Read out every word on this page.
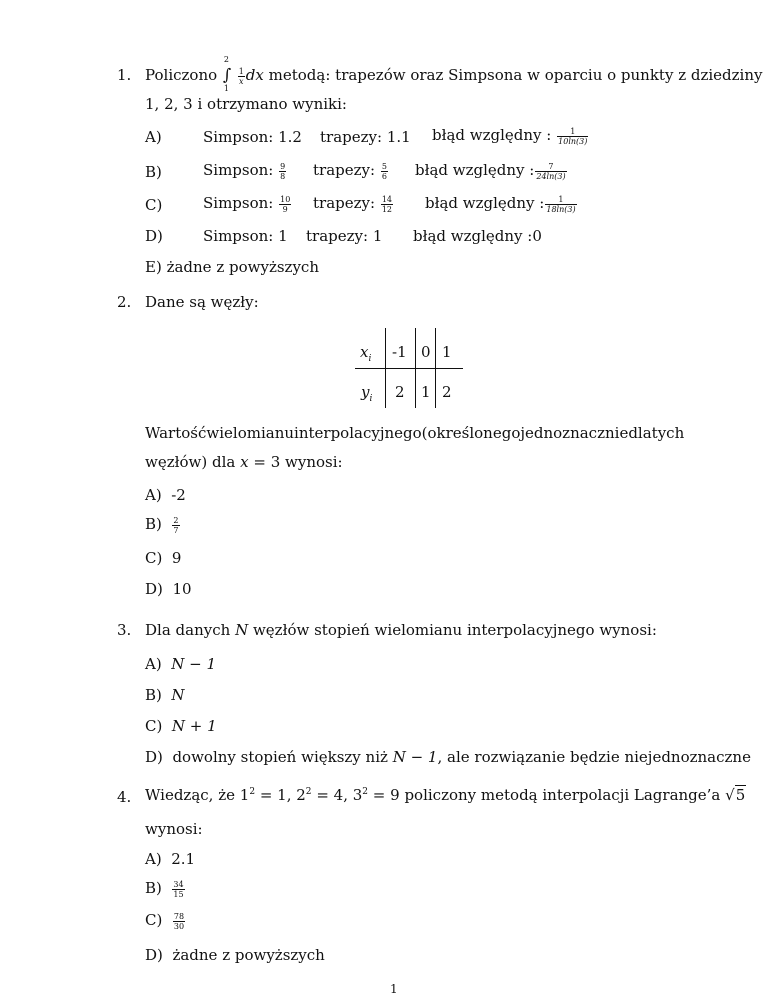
1. Policzono
2
∫
1

$\frac{1}{x}$ dx metodą: trapezów oraz Simpsona w oparciu o punkty z dziedziny
1, 2, 3 i otrzymano wyniki:
A)	Simpson: 1.2 trapezy: 1.1 błąd względny : $\frac{1}{10\ln(3)}$
B)	Simpson: $\frac{9}{8}$ trapezy: $\frac{5}{6}$ błąd względny : $\frac{7}{24\ln(3)}$
C)	Simpson: $\frac{10}{9}$ trapezy: $\frac{14}{12}$ błąd względny : $\frac{1}{18\ln(3)}$
D)	Simpson: 1 trapezy: 1 błąd względny :0
E) żadne z powyższych
2. Dane są węzły:
$x_i$ -1 0 1
$y_i$ 2 1 2
Wartość wielomianu interpolacyjnego (określonego jednoznacznie dla tych
węzłów) dla x = 3 wynosi:
A) -2
$B) \frac{2}{7}$
C) 9
D) 10
3. Dla danych N węzłów stopień wielomianu interpolacyjnego wynosi:
A) N − 1
B) N
C) N + 1
D) dowolny stopień większy niż N − 1, ale rozwiązanie będzie niejednoznaczne
4. Wiedząc, że $1^2 = 1$, $2^2 = 4$, $3^2 = 9$ policzony metodą interpolacji Lagrange’a √5
wynosi:
A) 2.1
$B) \frac{34}{15}$
$C) \frac{78}{30}$
D) żadne z powyższych
1
